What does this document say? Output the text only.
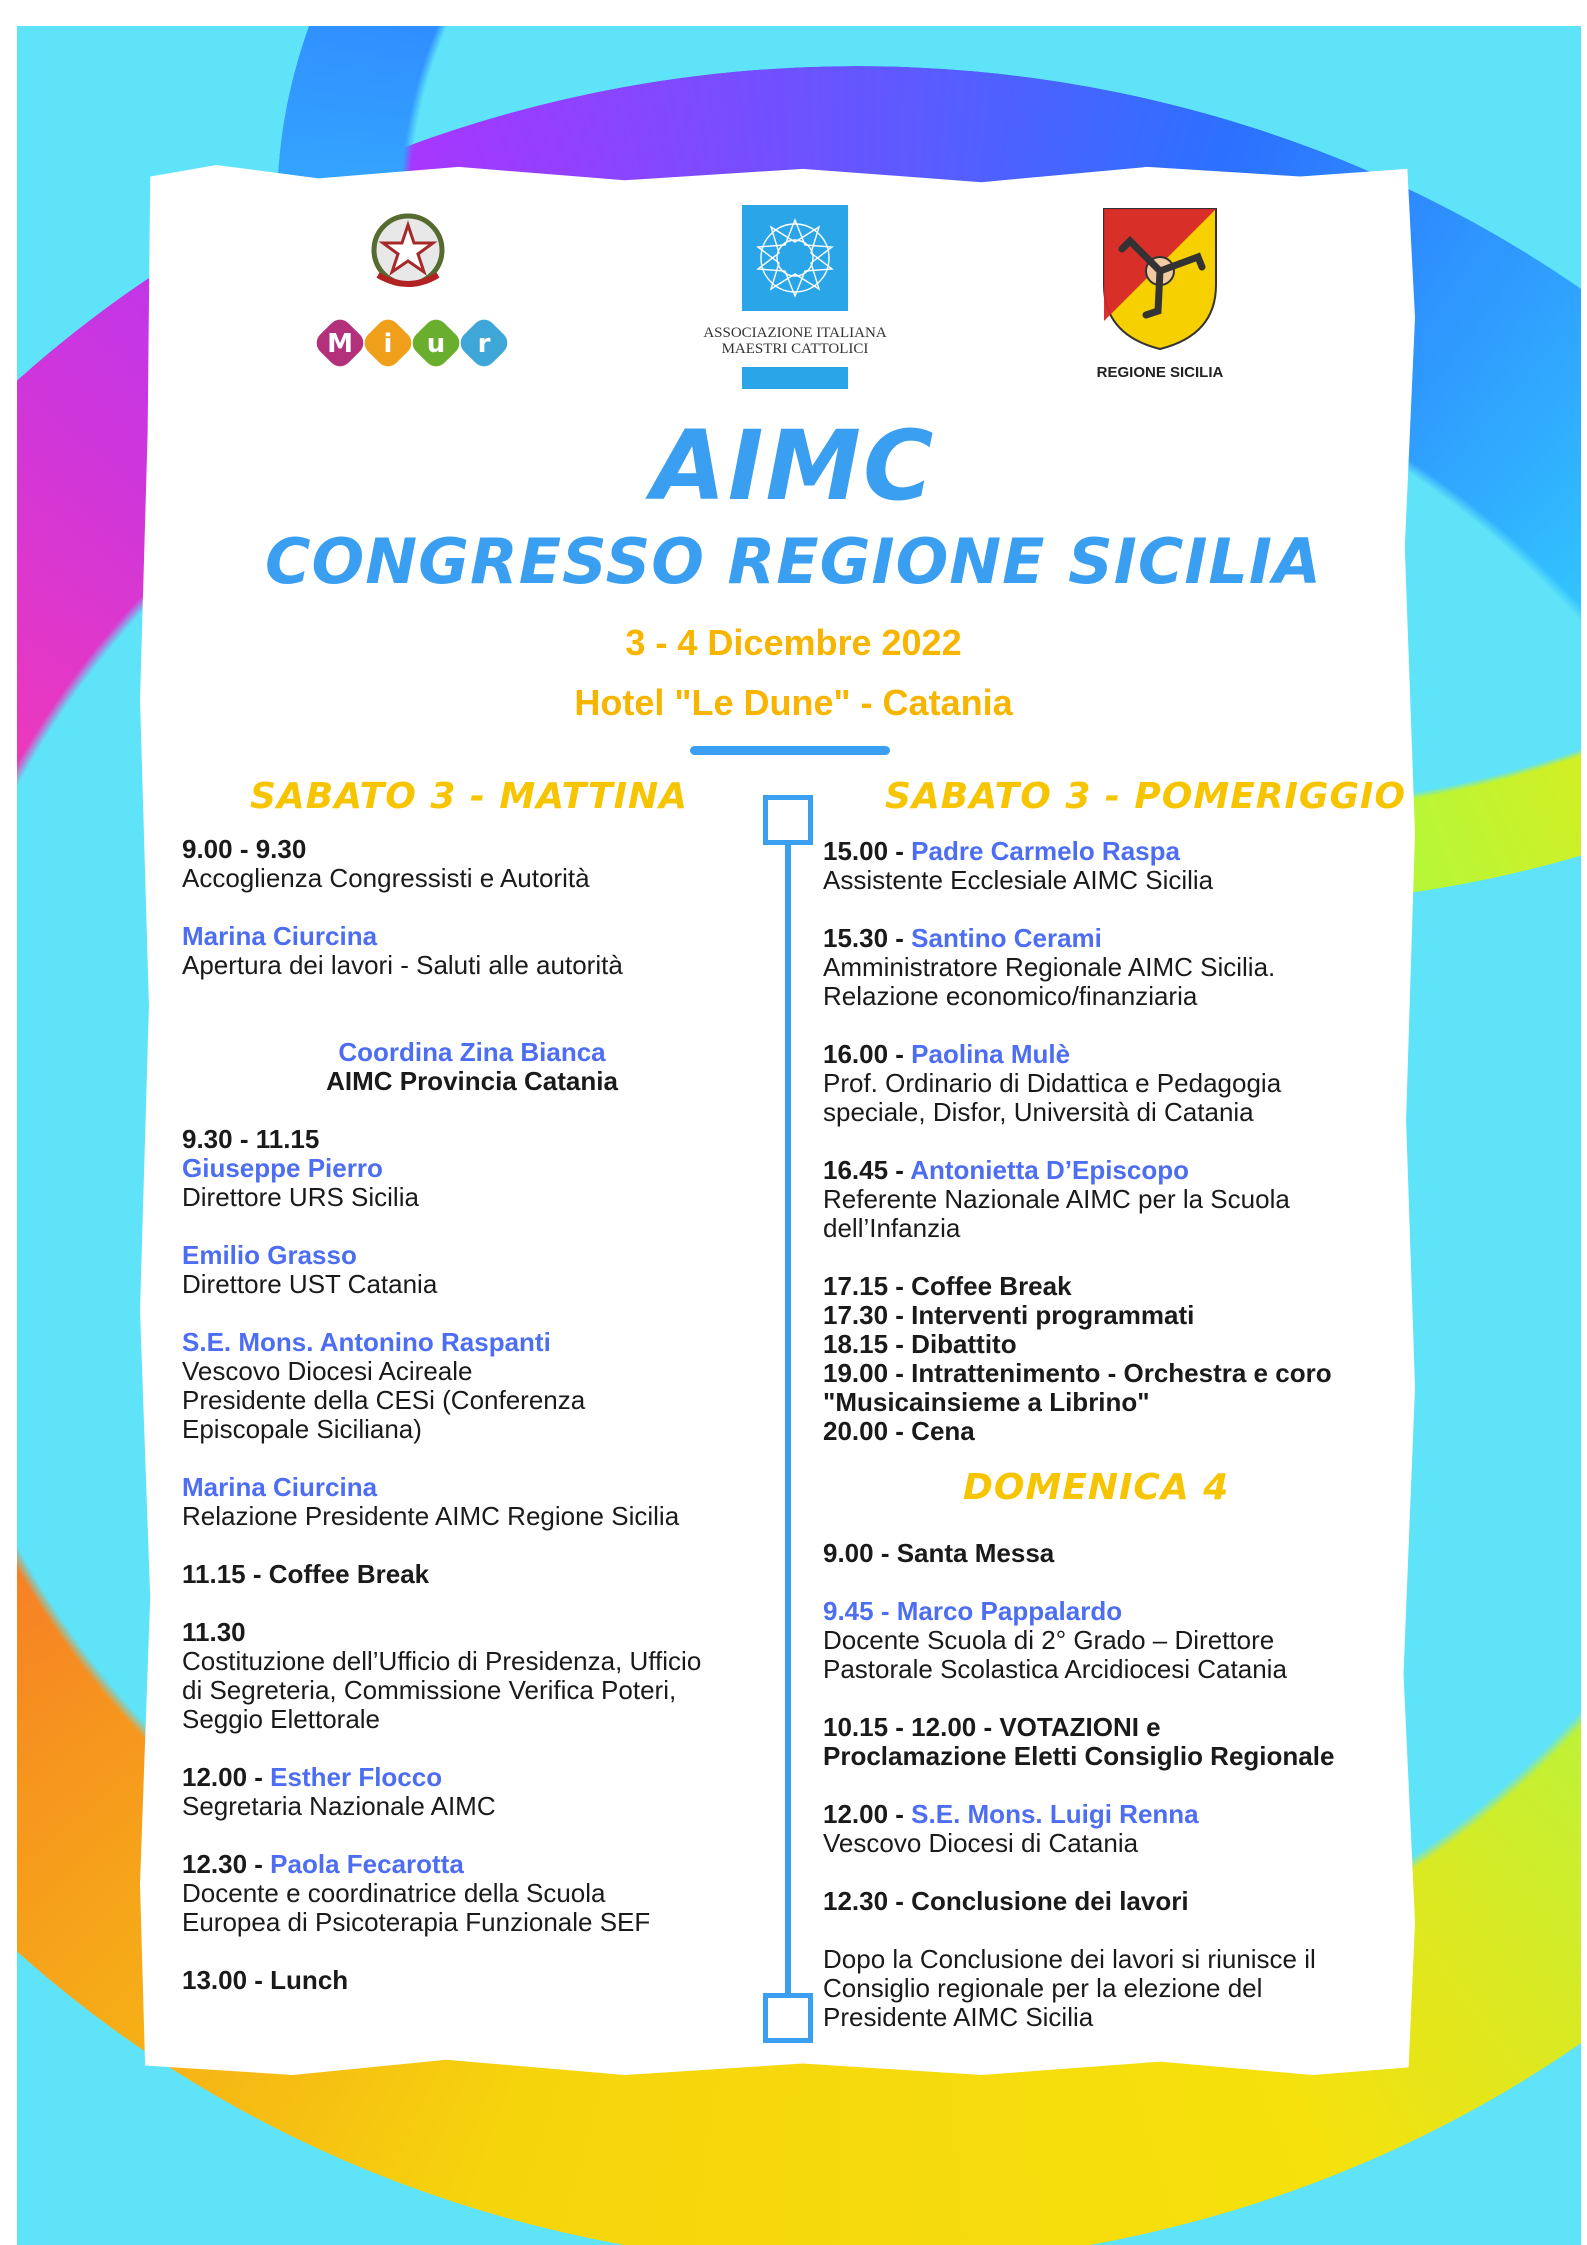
M i u r	ASSOCIAZIONE ITALIANA
MAESTRI CATTOLICI
REGIONE SICILIA
AIMC
CONGRESSO REGIONE SICILIA
3 - 4 Dicembre 2022
Hotel "Le Dune" - Catania
SABATO 3 - MATTINA	SABATO 3 - POMERIGGIO
9.00 - 9.30
Accoglienza Congressisti e Autorità
Marina Ciurcina
Apertura dei lavori - Saluti alle autorità
Coordina Zina Bianca
AIMC Provincia Catania
9.30 - 11.15
Giuseppe Pierro
Direttore URS Sicilia
Emilio Grasso
Direttore UST Catania
S.E. Mons. Antonino Raspanti
Vescovo Diocesi Acireale
Presidente della CESi (Conferenza
Episcopale Siciliana)
Marina Ciurcina
Relazione Presidente AIMC Regione Sicilia
11.15 - Coffee Break
11.30
Costituzione dell’Ufficio di Presidenza, Ufficio
di Segreteria, Commissione Verifica Poteri,
Seggio Elettorale
12.00 - Esther Flocco
Segretaria Nazionale AIMC
12.30 - Paola Fecarotta
Docente e coordinatrice della Scuola
Europea di Psicoterapia Funzionale SEF
13.00 - Lunch
15.00 - Padre Carmelo Raspa
Assistente Ecclesiale AIMC Sicilia
15.30 - Santino Cerami
Amministratore Regionale AIMC Sicilia.
Relazione economico/finanziaria
16.00 - Paolina Mulè
Prof. Ordinario di Didattica e Pedagogia
speciale, Disfor, Università di Catania
16.45 - Antonietta D’Episcopo
Referente Nazionale AIMC per la Scuola
dell’Infanzia
17.15 - Coffee Break
17.30 - Interventi programmati
18.15 - Dibattito
19.00 - Intrattenimento - Orchestra e coro
"Musicainsieme a Librino"
20.00 - Cena
9.00 - Santa Messa
9.45 - Marco Pappalardo
Docente Scuola di 2° Grado – Direttore
Pastorale Scolastica Arcidiocesi Catania
10.15 - 12.00 - VOTAZIONI e
Proclamazione Eletti Consiglio Regionale
12.00 - S.E. Mons. Luigi Renna
Vescovo Diocesi di Catania
12.30 - Conclusione dei lavori
Dopo la Conclusione dei lavori si riunisce il
Consiglio regionale per la elezione del
Presidente AIMC Sicilia
DOMENICA 4
